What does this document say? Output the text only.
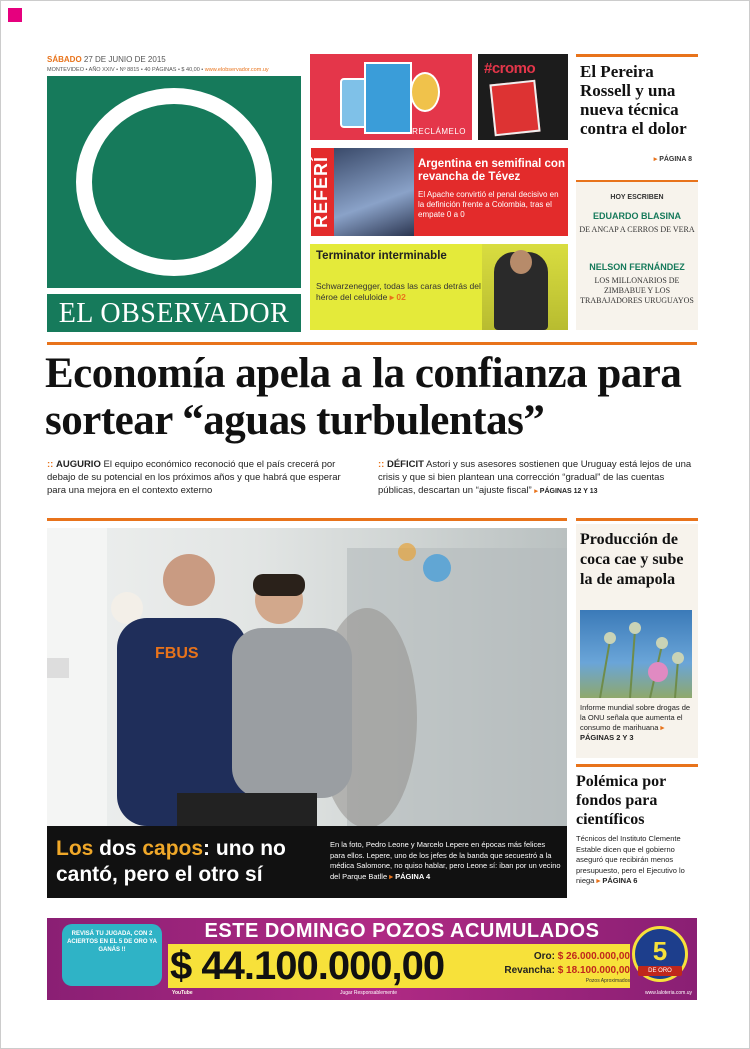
SÁBADO 27 DE JUNIO DE 2015
MONTEVIDEO • AÑO XXIV • Nº 8815 • 40 PÁGINAS • $ 40,00 • www.elobservador.com.uy
EL OBSERVADOR
RECLÁMELO
#cromo
REFERÍ	Argentina en semifinal con revancha de Tévez
El Apache convirtió el penal decisivo en la definición frente a Colombia, tras el empate 0 a 0
Terminator interminable
Schwarzenegger, todas las caras detrás del héroe del celuloide ▸ 02
El Pereira Rossell y una nueva técnica contra el dolor
▸ PÁGINA 8
HOY ESCRIBEN
EDUARDO BLASINA
DE ANCAP A CERROS DE VERA
NELSON FERNÁNDEZ
LOS MILLONARIOS DE ZIMBABUE Y LOS TRABAJADORES URUGUAYOS
Economía apela a la confianza para sortear “aguas turbulentas”
:: AUGURIO El equipo económico reconoció que el país crecerá por debajo de su potencial en los próximos años y que habrá que esperar para una mejora en el contexto externo
:: DÉFICIT Astori y sus asesores sostienen que Uruguay está lejos de una crisis y que si bien plantean una corrección “gradual” de las cuentas públicas, descartan un “ajuste fiscal” ▸ PÁGINAS 12 Y 13
FBUS
Los dos capos: uno no cantó, pero el otro sí
En la foto, Pedro Leone y Marcelo Lepere en épocas más felices para ellos. Lepere, uno de los jefes de la banda que secuestró a la médica Salomone, no quiso hablar, pero Leone sí: iban por un vecino del Parque Batlle ▸ PÁGINA 4
Producción de coca cae y sube la de amapola
Informe mundial sobre drogas de la ONU señala que aumenta el consumo de marihuana ▸ PÁGINAS 2 Y 3
Polémica por fondos para científicos
Técnicos del Instituto Clemente Estable dicen que el gobierno aseguró que recibirán menos presupuesto, pero el Ejecutivo lo niega ▸ PÁGINA 6
REVISÁ TU JUGADA, CON 2 ACIERTOS EN EL 5 DE ORO YA GANÁS !!
ESTE DOMINGO POZOS ACUMULADOS
$ 44.100.000,00	Oro: $ 26.000.000,00
Revancha: $ 18.100.000,00
Pozos Aproximados
5
DE ORO
YouTube	Jugar Responsablemente	www.laloteria.com.uy
